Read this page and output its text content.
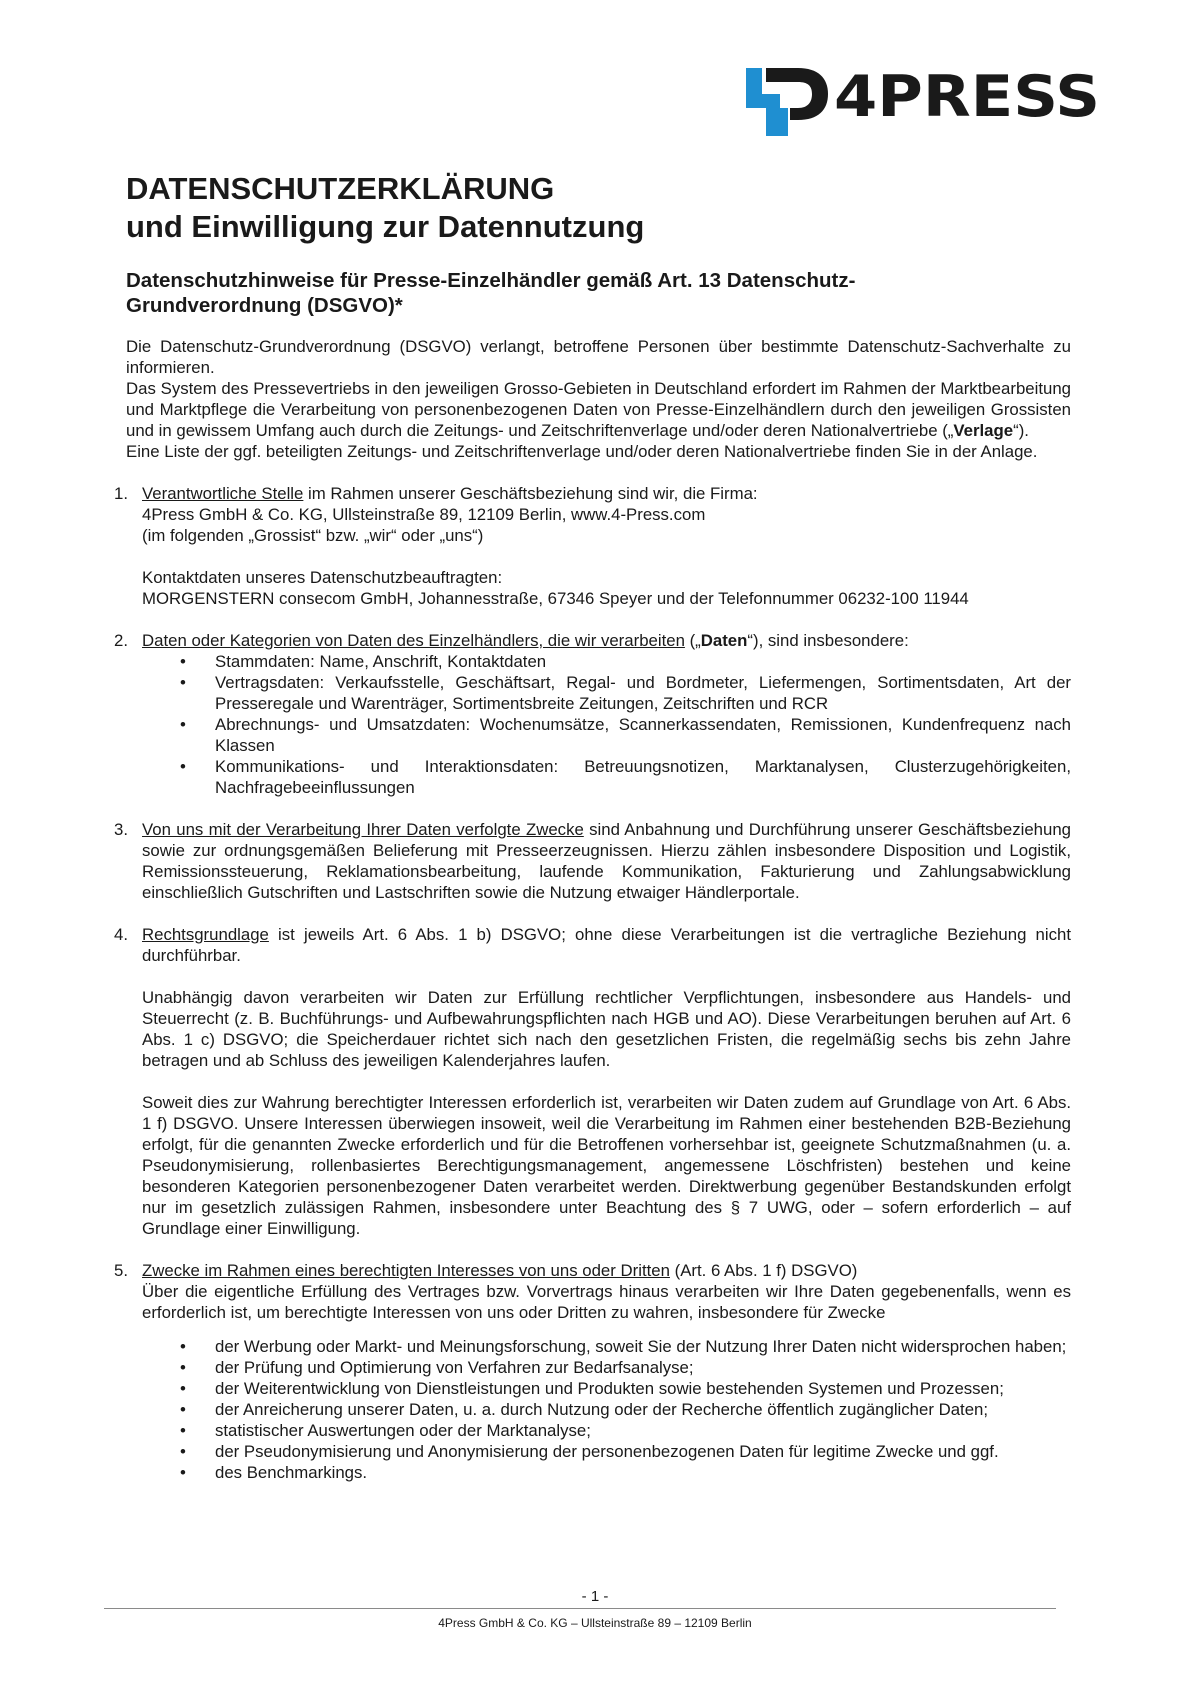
4PRESS
DATENSCHUTZERKLÄRUNG
und Einwilligung zur Datennutzung
Datenschutzhinweise für Presse-Einzelhändler gemäß Art. 13 Datenschutz-
Grundverordnung (DSGVO)*

Die Datenschutz-Grundverordnung (DSGVO) verlangt, betroffene Personen über bestimmte Datenschutz-Sachverhalte zu informieren.

Das System des Pressevertriebs in den jeweiligen Grosso-Gebieten in Deutschland erfordert im Rahmen der Marktbearbeitung und Marktpflege die Verarbeitung von personenbezogenen Daten von Presse-Einzelhändlern durch den jeweiligen Grossisten und in gewissem Umfang auch durch die Zeitungs- und Zeitschriftenverlage und/oder deren Nationalvertriebe („Verlage“).

Eine Liste der ggf. beteiligten Zeitungs- und Zeitschriftenverlage und/oder deren Nationalvertriebe finden Sie in der Anlage.

1. Verantwortliche Stelle im Rahmen unserer Geschäftsbeziehung sind wir, die Firma:

4Press GmbH & Co. KG, Ullsteinstraße 89, 12109 Berlin, www.4-Press.com

(im folgenden „Grossist“ bzw. „wir“ oder „uns“)

Kontaktdaten unseres Datenschutzbeauftragten:

MORGENSTERN consecom GmbH, Johannesstraße, 67346 Speyer und der Telefonnummer 06232-100 11944

2. Daten oder Kategorien von Daten des Einzelhändlers, die wir verarbeiten („Daten“), sind insbesondere:

• Stammdaten: Name, Anschrift, Kontaktdaten
• Vertragsdaten: Verkaufsstelle, Geschäftsart, Regal- und Bordmeter, Liefermengen, Sortimentsdaten, Art der Presseregale und Warenträger, Sortimentsbreite Zeitungen, Zeitschriften und RCR
• Abrechnungs- und Umsatzdaten: Wochenumsätze, Scannerkassendaten, Remissionen, Kundenfrequenz nach Klassen
• Kommunikations- und Interaktionsdaten: Betreuungsnotizen, Marktanalysen, Clusterzugehörigkeiten, Nachfragebeeinflussungen
3. Von uns mit der Verarbeitung Ihrer Daten verfolgte Zwecke sind Anbahnung und Durchführung unserer Geschäftsbeziehung sowie zur ordnungsgemäßen Belieferung mit Presseerzeugnissen. Hierzu zählen insbesondere Disposition und Logistik, Remissionssteuerung, Reklamationsbearbeitung, laufende Kommunikation, Fakturierung und Zahlungsabwicklung einschließlich Gutschriften und Lastschriften sowie die Nutzung etwaiger Händlerportale.

4. Rechtsgrundlage ist jeweils Art. 6 Abs. 1 b) DSGVO; ohne diese Verarbeitungen ist die vertragliche Beziehung nicht durchführbar.

Unabhängig davon verarbeiten wir Daten zur Erfüllung rechtlicher Verpflichtungen, insbesondere aus Handels- und Steuerrecht (z. B. Buchführungs- und Aufbewahrungspflichten nach HGB und AO). Diese Verarbeitungen beruhen auf Art. 6 Abs. 1 c) DSGVO; die Speicherdauer richtet sich nach den gesetzlichen Fristen, die regelmäßig sechs bis zehn Jahre betragen und ab Schluss des jeweiligen Kalenderjahres laufen.

Soweit dies zur Wahrung berechtigter Interessen erforderlich ist, verarbeiten wir Daten zudem auf Grundlage von Art. 6 Abs. 1 f) DSGVO. Unsere Interessen überwiegen insoweit, weil die Verarbeitung im Rahmen einer bestehenden B2B-Beziehung erfolgt, für die genannten Zwecke erforderlich und für die Betroffenen vorhersehbar ist, geeignete Schutzmaßnahmen (u. a. Pseudonymisierung, rollenbasiertes Berechtigungsmanagement, angemessene Löschfristen) bestehen und keine besonderen Kategorien personenbezogener Daten verarbeitet werden. Direktwerbung gegenüber Bestandskunden erfolgt nur im gesetzlich zulässigen Rahmen, insbesondere unter Beachtung des § 7 UWG, oder – sofern erforderlich – auf Grundlage einer Einwilligung.

5. Zwecke im Rahmen eines berechtigten Interesses von uns oder Dritten (Art. 6 Abs. 1 f) DSGVO)

Über die eigentliche Erfüllung des Vertrages bzw. Vorvertrags hinaus verarbeiten wir Ihre Daten gegebenenfalls, wenn es erforderlich ist, um berechtigte Interessen von uns oder Dritten zu wahren, insbesondere für Zwecke

• der Werbung oder Markt- und Meinungsforschung, soweit Sie der Nutzung Ihrer Daten nicht widersprochen haben;
• der Prüfung und Optimierung von Verfahren zur Bedarfsanalyse;
• der Weiterentwicklung von Dienstleistungen und Produkten sowie bestehenden Systemen und Prozessen;
• der Anreicherung unserer Daten, u. a. durch Nutzung oder der Recherche öffentlich zugänglicher Daten;
• statistischer Auswertungen oder der Marktanalyse;
• der Pseudonymisierung und Anonymisierung der personenbezogenen Daten für legitime Zwecke und ggf.
• des Benchmarkings.
- 1 -
4Press GmbH & Co. KG – Ullsteinstraße 89 – 12109 Berlin
